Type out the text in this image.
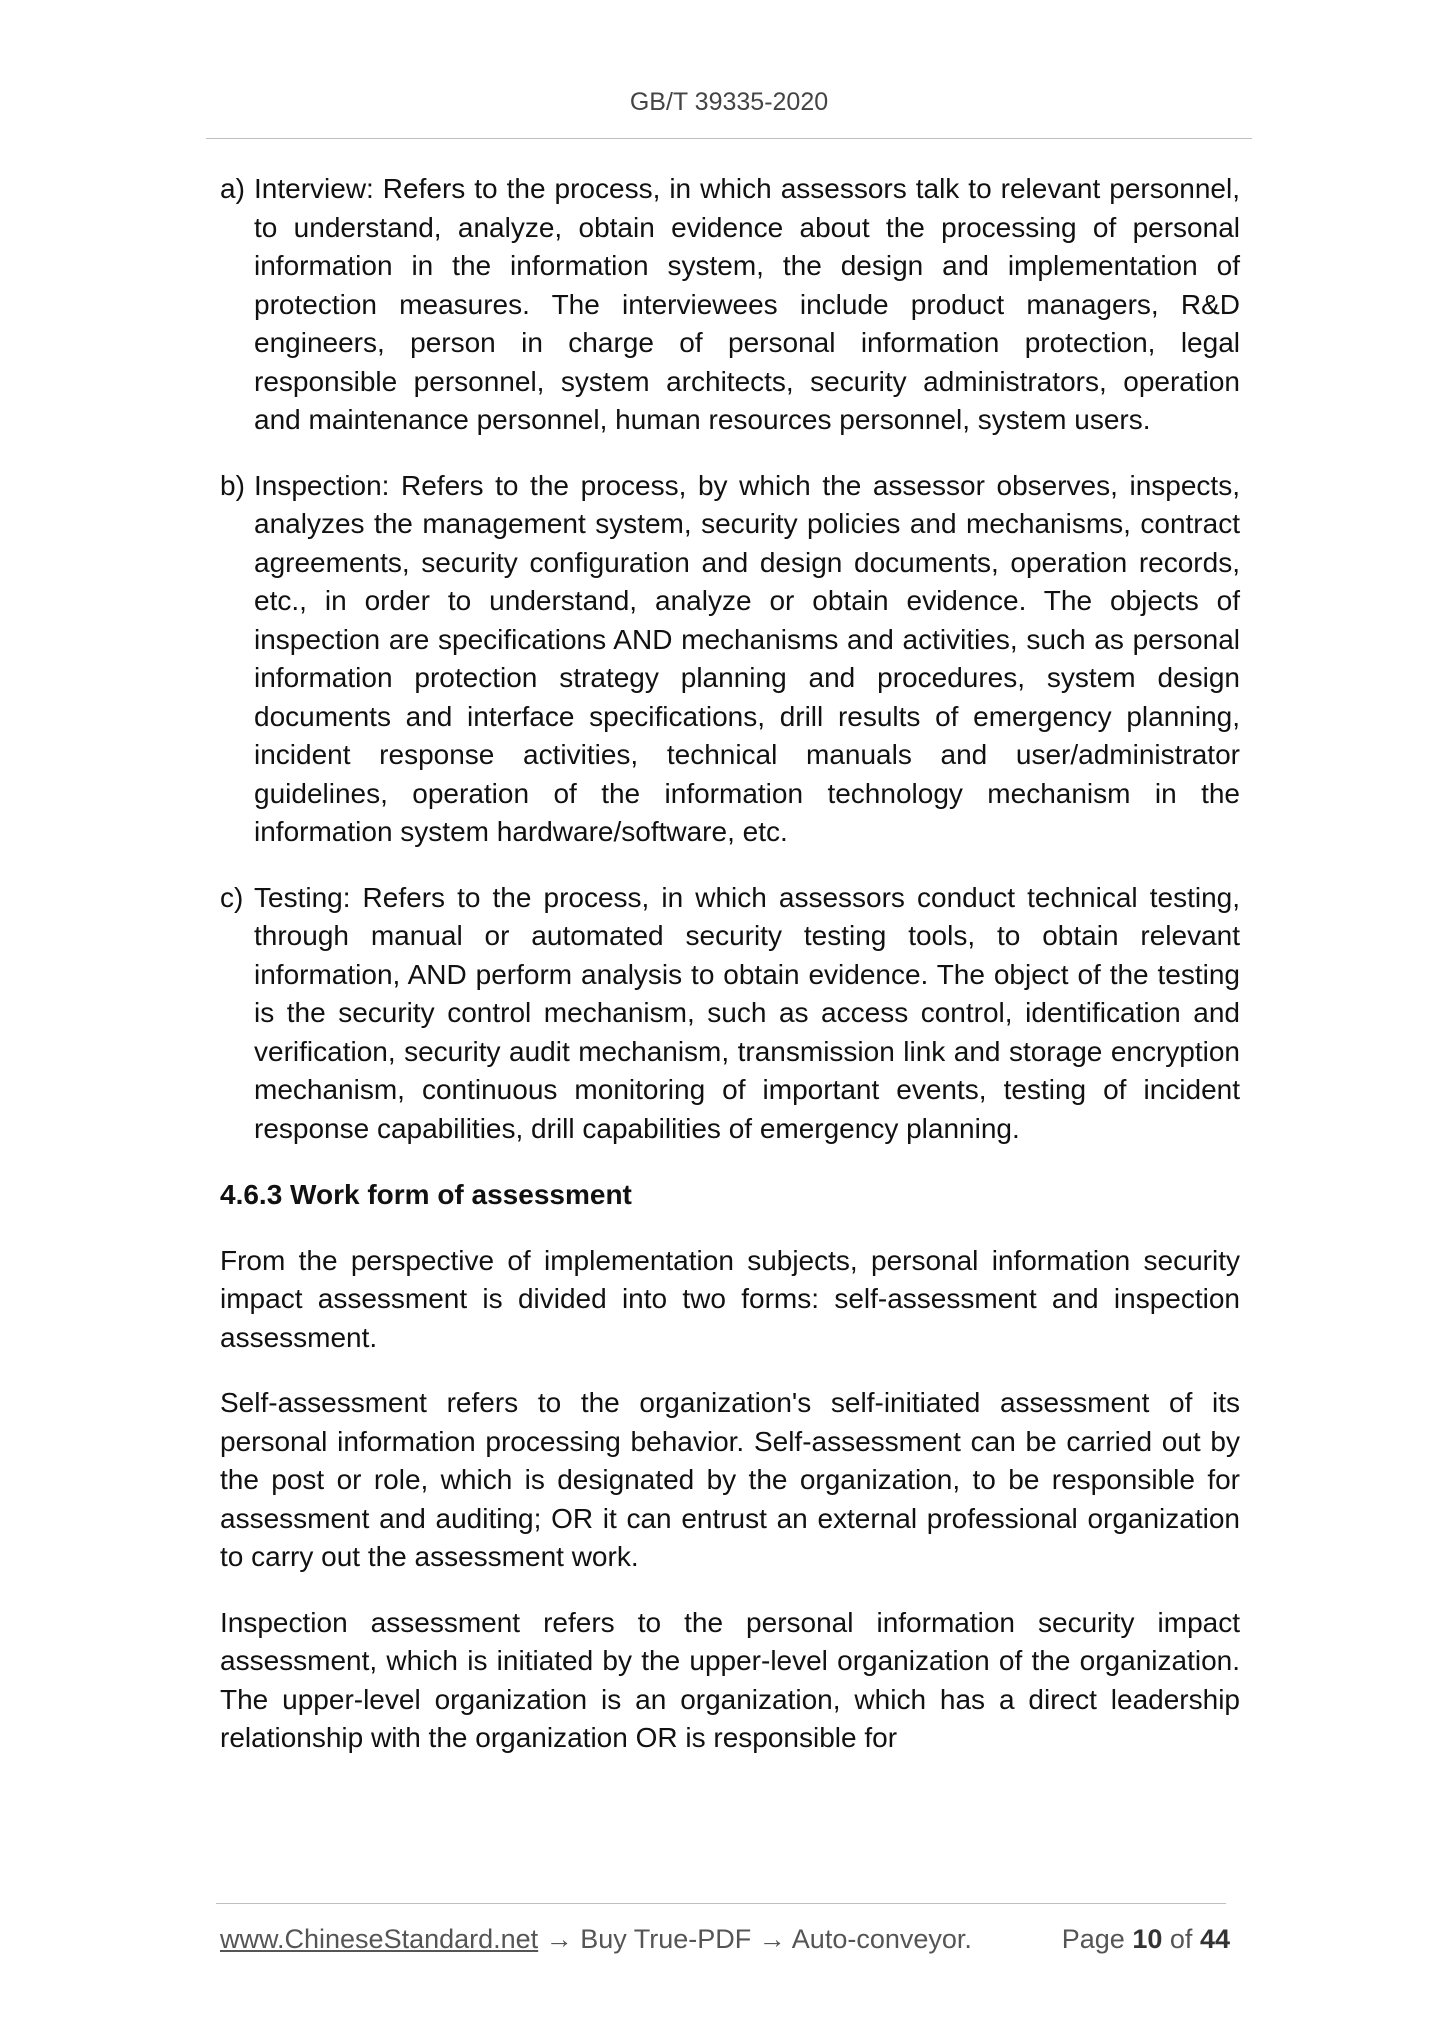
GB/T 39335-2020
a) Interview: Refers to the process, in which assessors talk to relevant personnel, to understand, analyze, obtain evidence about the processing of personal information in the information system, the design and implementation of protection measures. The interviewees include product managers, R&D engineers, person in charge of personal information protection, legal responsible personnel, system architects, security administrators, operation and maintenance personnel, human resources personnel, system users.
b) Inspection: Refers to the process, by which the assessor observes, inspects, analyzes the management system, security policies and mechanisms, contract agreements, security configuration and design documents, operation records, etc., in order to understand, analyze or obtain evidence. The objects of inspection are specifications AND mechanisms and activities, such as personal information protection strategy planning and procedures, system design documents and interface specifications, drill results of emergency planning, incident response activities, technical manuals and user/administrator guidelines, operation of the information technology mechanism in the information system hardware/software, etc.
c) Testing: Refers to the process, in which assessors conduct technical testing, through manual or automated security testing tools, to obtain relevant information, AND perform analysis to obtain evidence. The object of the testing is the security control mechanism, such as access control, identification and verification, security audit mechanism, transmission link and storage encryption mechanism, continuous monitoring of important events, testing of incident response capabilities, drill capabilities of emergency planning.
4.6.3 Work form of assessment

From the perspective of implementation subjects, personal information security impact assessment is divided into two forms: self-assessment and inspection assessment.

Self-assessment refers to the organization's self-initiated assessment of its personal information processing behavior. Self-assessment can be carried out by the post or role, which is designated by the organization, to be responsible for assessment and auditing; OR it can entrust an external professional organization to carry out the assessment work.

Inspection assessment refers to the personal information security impact assessment, which is initiated by the upper-level organization of the organization. The upper-level organization is an organization, which has a direct leadership relationship with the organization OR is responsible for

www.ChineseStandard.net → Buy True-PDF → Auto-conveyor.	Page 10 of 44
